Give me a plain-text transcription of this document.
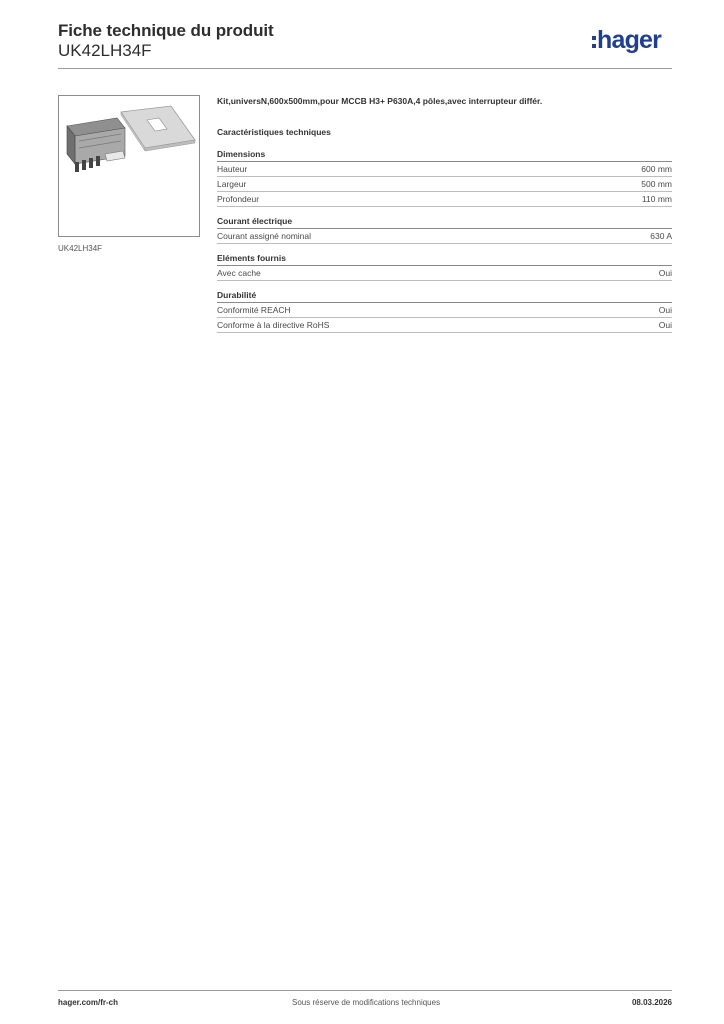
Fiche technique du produit
UK42LH34F	hager
UK42LH34F
Kit,universN,600x500mm,pour MCCB H3+ P630A,4 pôles,avec interrupteur différ.
Caractéristiques techniques
Dimensions
Hauteur	600 mm
Largeur	500 mm
Profondeur	110 mm
Courant électrique
Courant assigné nominal	630 A
Eléments fournis
Avec cache	Oui
Durabilité
Conformité REACH	Oui
Conforme à la directive RoHS	Oui
hager.com/fr-ch	Sous réserve de modifications techniques	08.03.2026
